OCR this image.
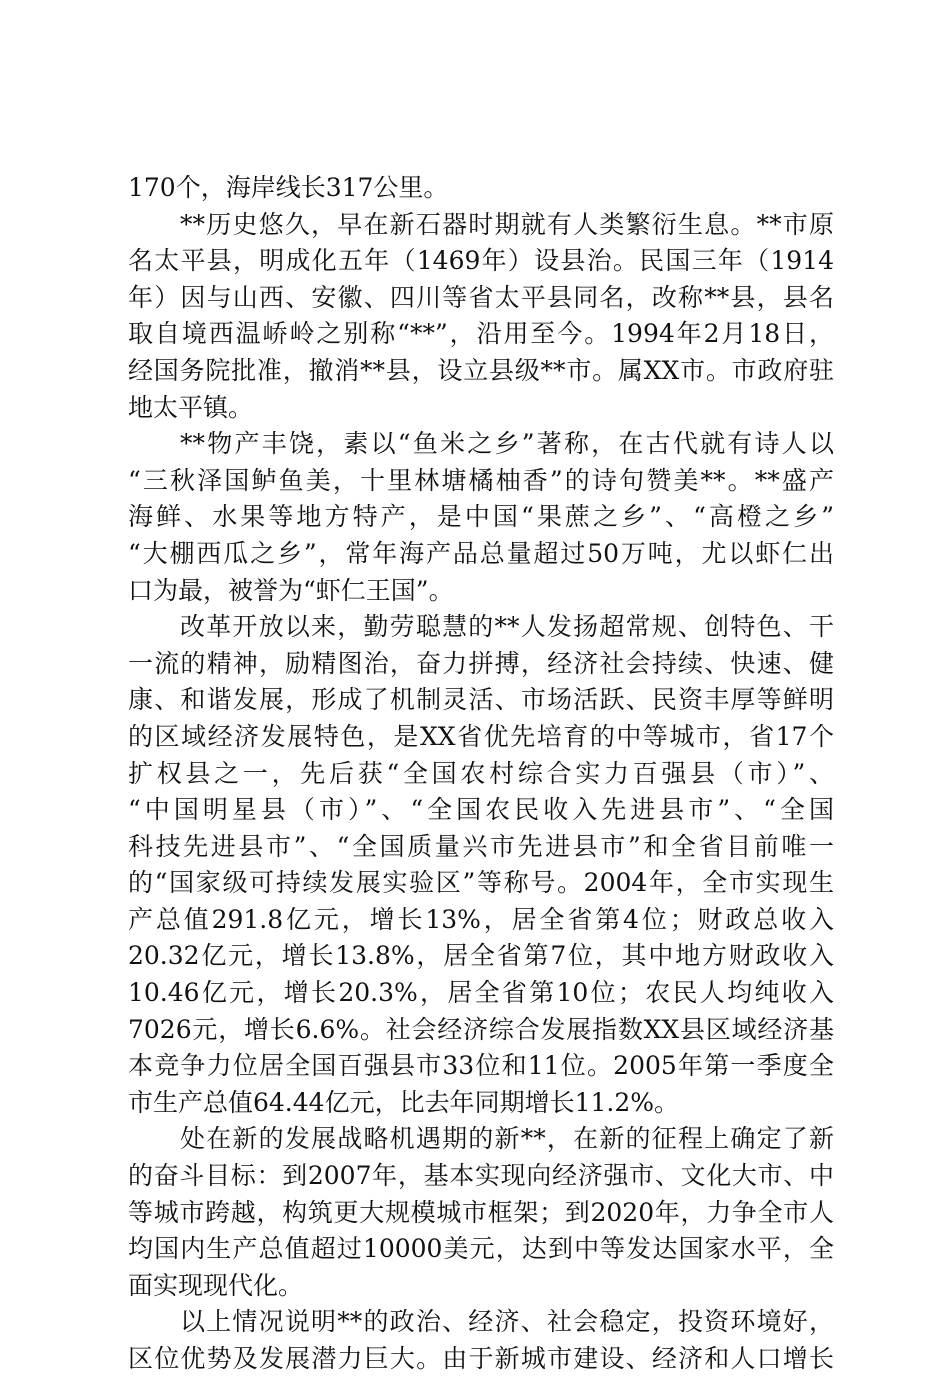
170个，海岸线长317公里。
**历史悠久，早在新石器时期就有人类繁衍生息。**市原
名太平县，明成化五年（1469年）设县治。民国三年（1914
年）因与山西、安徽、四川等省太平县同名，改称**县，县名
取自境西温峤岭之别称“**”，沿用至今。1994年2月18日，
经国务院批准，撤消**县，设立县级**市。属XX市。市政府驻
地太平镇。
**物产丰饶，素以“鱼米之乡”著称，在古代就有诗人以
“三秋泽国鲈鱼美，十里林塘橘柚香”的诗句赞美**。**盛产
海鲜、水果等地方特产，是中国“果蔗之乡”、“高橙之乡”
“大棚西瓜之乡”，常年海产品总量超过50万吨，尤以虾仁出
口为最，被誉为“虾仁王国”。
改革开放以来，勤劳聪慧的**人发扬超常规、创特色、干
一流的精神，励精图治，奋力拼搏，经济社会持续、快速、健
康、和谐发展，形成了机制灵活、市场活跃、民资丰厚等鲜明
的区域经济发展特色，是XX省优先培育的中等城市，省17个
扩权县之一，先后获“全国农村综合实力百强县（市）”、
“中国明星县（市）”、“全国农民收入先进县市”、“全国
科技先进县市”、“全国质量兴市先进县市”和全省目前唯一
的“国家级可持续发展实验区”等称号。2004年，全市实现生
产总值291.8亿元，增长13%，居全省第4位；财政总收入
20.32亿元，增长13.8%，居全省第7位，其中地方财政收入
10.46亿元，增长20.3%，居全省第10位；农民人均纯收入
7026元，增长6.6%。社会经济综合发展指数XX县区域经济基
本竞争力位居全国百强县市33位和11位。2005年第一季度全
市生产总值64.44亿元，比去年同期增长11.2%。
处在新的发展战略机遇期的新**，在新的征程上确定了新
的奋斗目标：到2007年，基本实现向经济强市、文化大市、中
等城市跨越，构筑更大规模城市框架；到2020年，力争全市人
均国内生产总值超过10000美元，达到中等发达国家水平，全
面实现现代化。
以上情况说明**的政治、经济、社会稳定，投资环境好，
区位优势及发展潜力巨大。由于新城市建设、经济和人口增长
